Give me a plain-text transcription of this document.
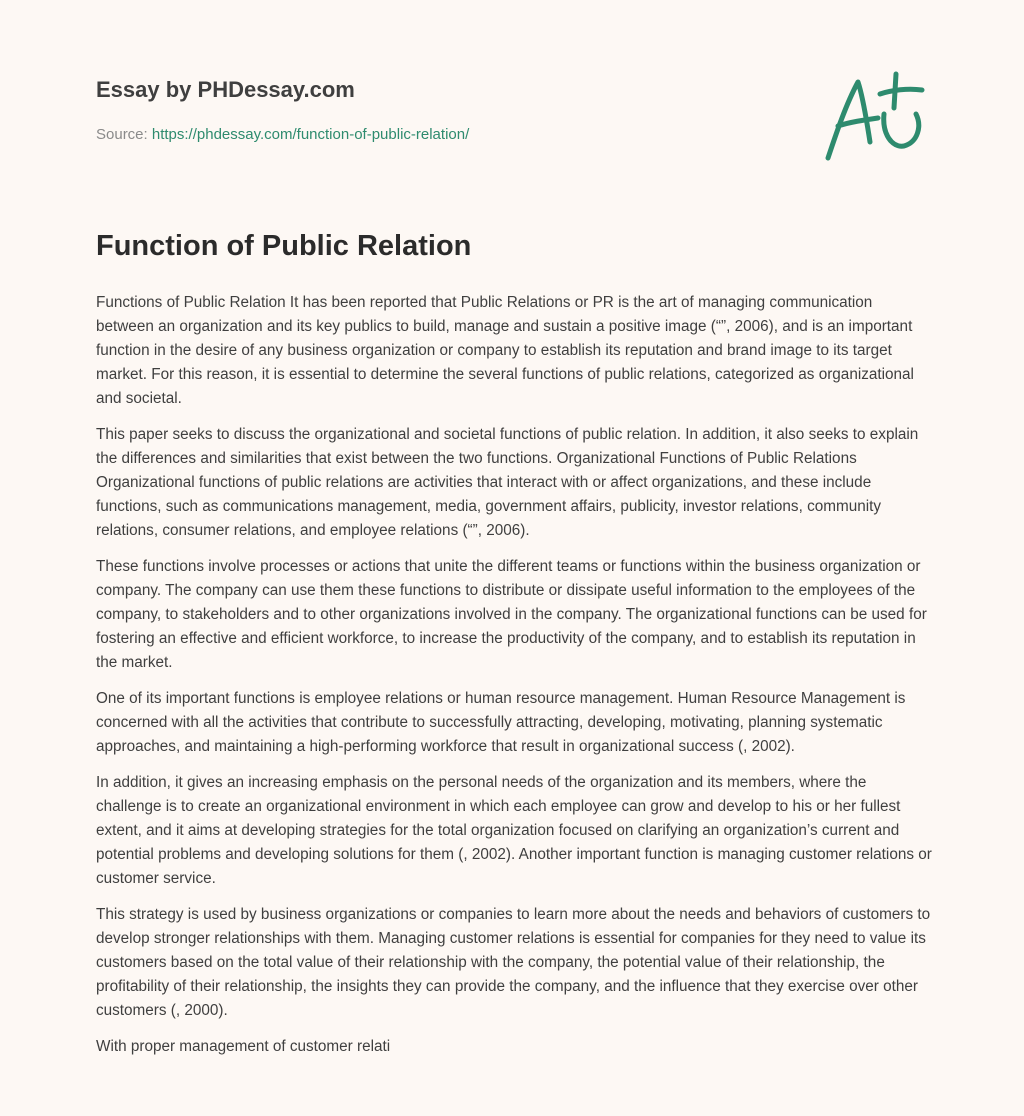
Essay by PHDessay.com
Source: https://phdessay.com/function-of-public-relation/
Function of Public Relation

Functions of Public Relation It has been reported that Public Relations or PR is the art of managing communication between an organization and its key publics to build, manage and sustain a positive image (“”, 2006), and is an important function in the desire of any business organization or company to establish its reputation and brand image to its target market. For this reason, it is essential to determine the several functions of public relations, categorized as organizational and societal.

This paper seeks to discuss the organizational and societal functions of public relation. In addition, it also seeks to explain the differences and similarities that exist between the two functions. Organizational Functions of Public Relations Organizational functions of public relations are activities that interact with or affect organizations, and these include functions, such as communications management, media, government affairs, publicity, investor relations, community relations, consumer relations, and employee relations (“”, 2006).

These functions involve processes or actions that unite the different teams or functions within the business organization or company. The company can use them these functions to distribute or dissipate useful information to the employees of the company, to stakeholders and to other organizations involved in the company. The organizational functions can be used for fostering an effective and efficient workforce, to increase the productivity of the company, and to establish its reputation in the market.

One of its important functions is employee relations or human resource management. Human Resource Management is concerned with all the activities that contribute to successfully attracting, developing, motivating, planning systematic approaches, and maintaining a high-performing workforce that result in organizational success (, 2002).

In addition, it gives an increasing emphasis on the personal needs of the organization and its members, where the challenge is to create an organizational environment in which each employee can grow and develop to his or her fullest extent, and it aims at developing strategies for the total organization focused on clarifying an organization’s current and potential problems and developing solutions for them (, 2002). Another important function is managing customer relations or customer service.

This strategy is used by business organizations or companies to learn more about the needs and behaviors of customers to develop stronger relationships with them. Managing customer relations is essential for companies for they need to value its customers based on the total value of their relationship with the company, the potential value of their relationship, the profitability of their relationship, the insights they can provide the company, and the influence that they exercise over other customers (, 2000).

With proper management of customer relati
